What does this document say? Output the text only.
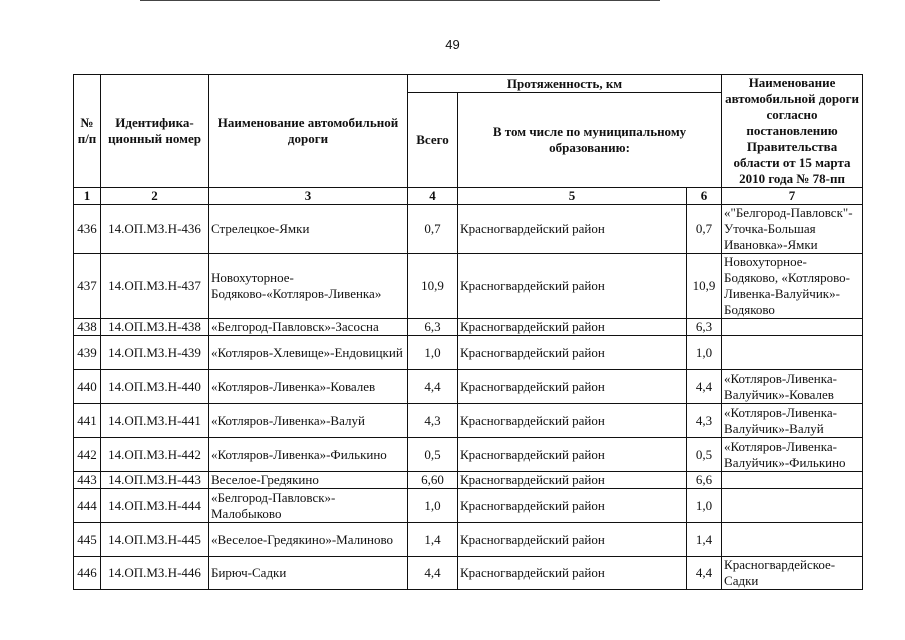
49
№ п/п	Идентифика-ционный номер	Наименование автомобильной дороги	Протяженность, км			Наименование автомобильной дороги согласно постановлению Правительства области от 15 марта 2010 года № 78-пп
			Всего	В том числе по муниципальному образованию:		
1	2	3	4	5	6	7
436	14.ОП.МЗ.Н-436	Стрелецкое-Ямки	0,7	Красногвардейский район	0,7	«"Белгород-Павловск"-Уточка-Большая Ивановка»-Ямки
437	14.ОП.МЗ.Н-437	Новохуторное-Бодяково-«Котляров-Ливенка»	10,9	Красногвардейский район	10,9	Новохуторное-Бодяково, «Котлярово-Ливенка-Валуйчик»-Бодяково
438	14.ОП.МЗ.Н-438	«Белгород-Павловск»-Засосна	6,3	Красногвардейский район	6,3	
439	14.ОП.МЗ.Н-439	«Котляров-Хлевище»-Ендовицкий	1,0	Красногвардейский район	1,0	
440	14.ОП.МЗ.Н-440	«Котляров-Ливенка»-Ковалев	4,4	Красногвардейский район	4,4	«Котляров-Ливенка-Валуйчик»-Ковалев
441	14.ОП.МЗ.Н-441	«Котляров-Ливенка»-Валуй	4,3	Красногвардейский район	4,3	«Котляров-Ливенка-Валуйчик»-Валуй
442	14.ОП.МЗ.Н-442	«Котляров-Ливенка»-Филькино	0,5	Красногвардейский район	0,5	«Котляров-Ливенка-Валуйчик»-Филькино
443	14.ОП.МЗ.Н-443	Веселое-Гредякино	6,60	Красногвардейский район	6,6	
444	14.ОП.МЗ.Н-444	«Белгород-Павловск»-Малобыково	1,0	Красногвардейский район	1,0	
445	14.ОП.МЗ.Н-445	«Веселое-Гредякино»-Малиново	1,4	Красногвардейский район	1,4	
446	14.ОП.МЗ.Н-446	Бирюч-Садки	4,4	Красногвардейский район	4,4	Красногвардейское-Садки
